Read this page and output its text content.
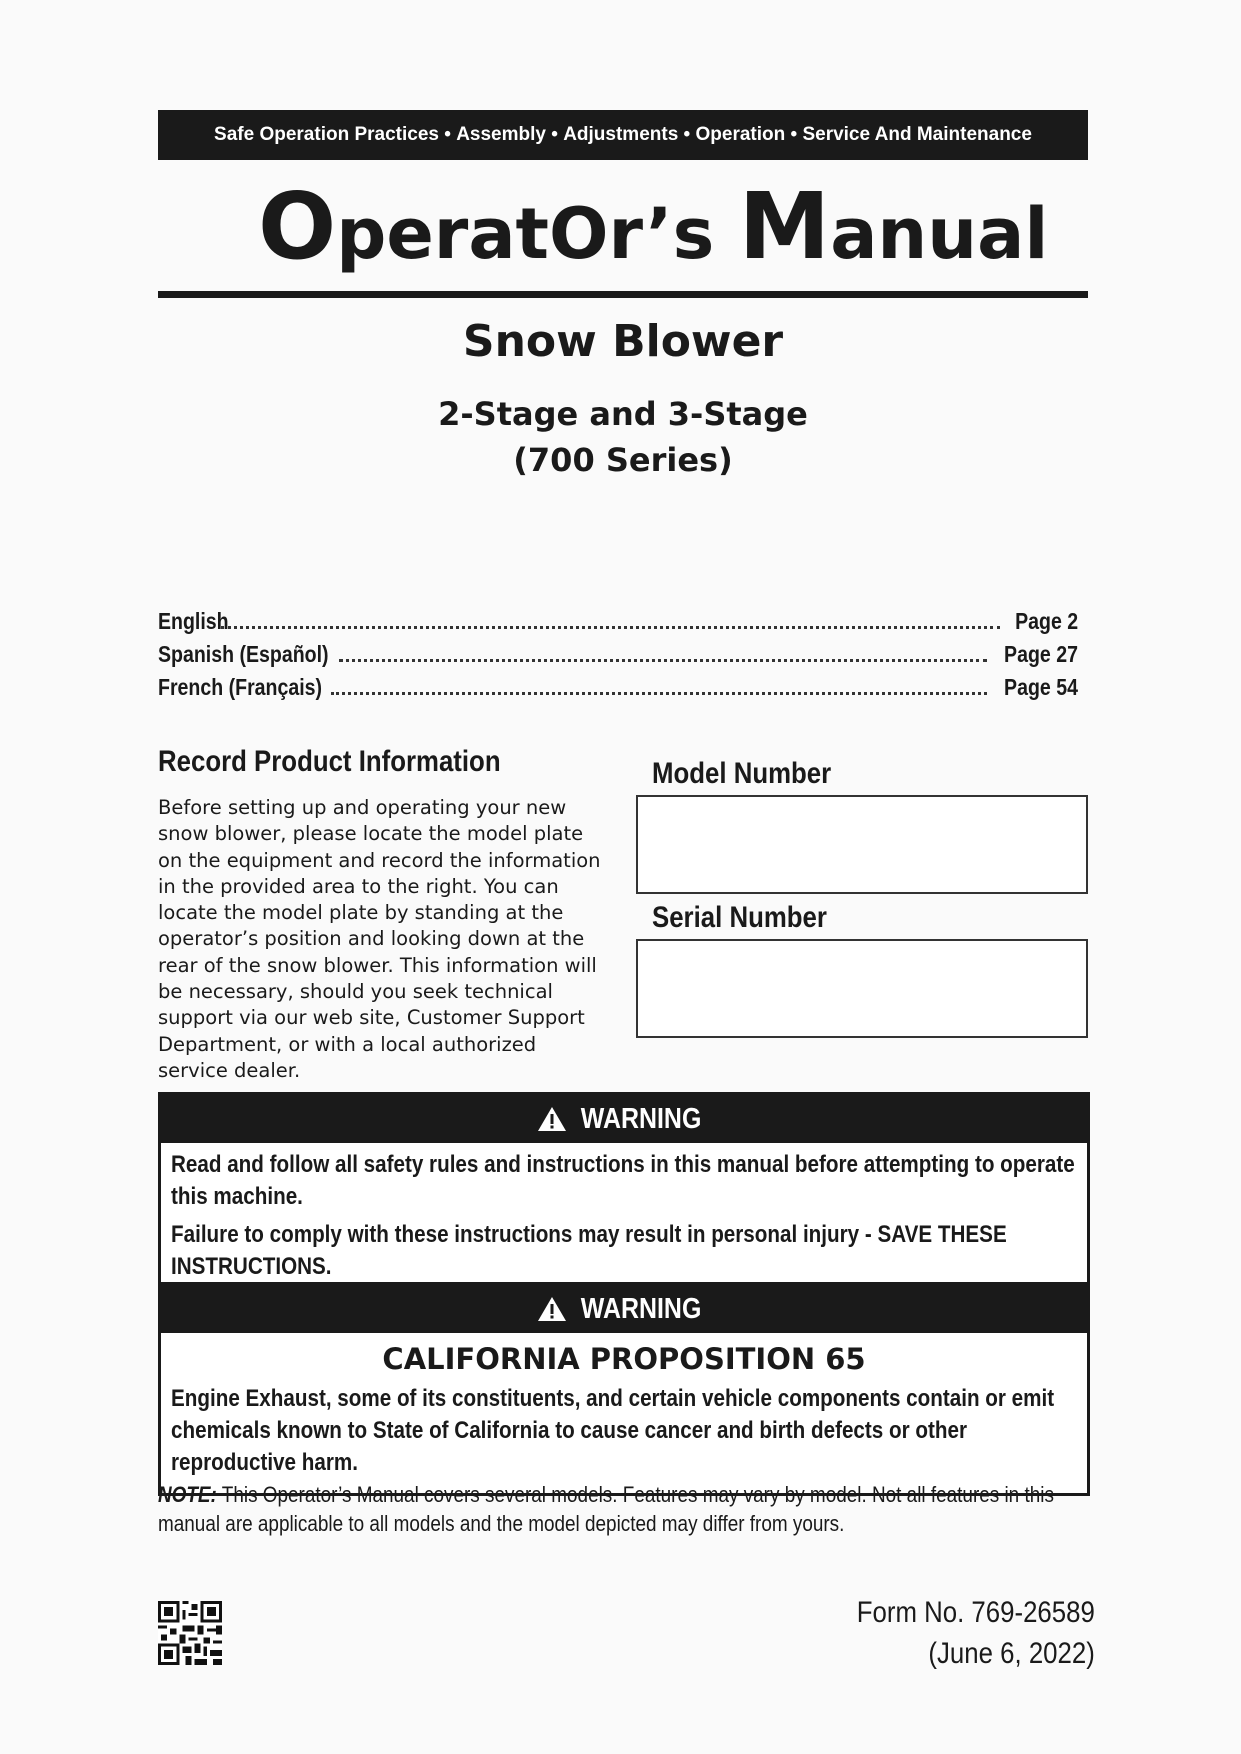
Safe Operation Practices • Assembly • Adjustments • Operation • Service And Maintenance
OperatOr’s Manual
Snow Blower
2-Stage and 3-Stage
(700 Series)
English	Page 2
Spanish (Español)	Page 27
French (Français)	Page 54
Record Product Information
Before setting up and operating your new snow blower, please locate the model plate on the equipment and record the information in the provided area to the right. You can locate the model plate by standing at the operator’s position and looking down at the rear of the snow blower. This information will be necessary, should you seek technical support via our web site, Customer Support Department, or with a local authorized service dealer.
Model Number
Serial Number
WARNING
Read and follow all safety rules and instructions in this manual before attempting to operate this machine.
Failure to comply with these instructions may result in personal injury - SAVE THESE INSTRUCTIONS.
WARNING
CALIFORNIA PROPOSITION 65
Engine Exhaust, some of its constituents, and certain vehicle components contain or emit chemicals known to State of California to cause cancer and birth defects or other reproductive harm.
NOTE: This Operator’s Manual covers several models. Features may vary by model. Not all features in this manual are applicable to all models and the model depicted may differ from yours.
Form No. 769-26589
(June 6, 2022)
